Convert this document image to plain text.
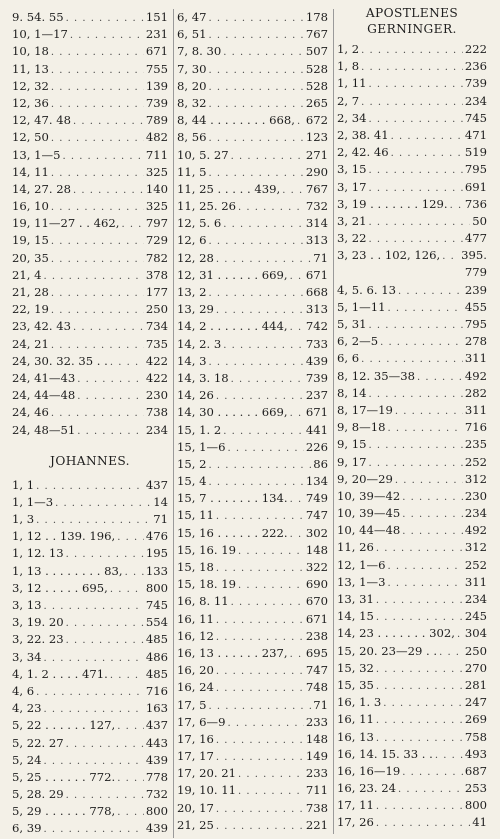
9. 54. 55 . . .	151
10, 1—17 . . .	231
10, 18 . . .	671
11, 13 . . .	755
12, 32 . . .	139
12, 36 . . .	739
12, 47. 48 . . .	789
12, 50 . . .	482
13, 1—5 . . .	711
14, 11 . . .	325
14, 27. 28 . . .	140
16, 10 . . .	325
19, 11—27 . . 462, . . . 797
19, 15 . . .	729
20, 35 . . .	782
21, 4 . . .	378
21, 28 . . .	177
22, 19 . . .	250
23, 42. 43 . . .	734
24, 21 . . .	735
24, 30. 32. 35 . . . . .	422
24, 41—43 . . .	422
24, 44—48 . . .	230
24, 46 . . .	738
24, 48—51 . . .	234
JOHANNES.
1, 1 . . .	437
1, 1—3 . . .	14
1, 3 . . .	71
1, 12 . . 139. 196, . . .	476
1, 12. 13 . . .	195
1, 13 . . . . . . . . 83, . . . 133
3, 12 . . . . . 695, . . .	800
3, 13 . . .	745
3, 19. 20 . . .	554
3, 22. 23 . . .	485
3, 34 . . .	486
4, 1. 2 . . . . 471. . . .	485
4, 6 . . .	716
4, 23 . . .	163
5, 22 . . . . . . 127, . . .	437
5, 22. 27 . . .	443
5, 24 . . .	439
5, 25 . . . . . . 772. . . .	778
5, 28. 29 . . .	732
5, 29 . . . . . . 778, . . .	800
6, 39 . . .	439
6, 47 . . .	178
6, 51 . . .	767
7, 8. 30 . . .	507
7, 30 . . .	528
8, 20 . . .	528
8, 32 . . .	265
8, 44 . . . . . . . . 668, . . . 672
8, 56 . . .	123
10, 5. 27 . . .	271
11, 5 . . .	290
11, 25 . . . . . 439, . . . 767
11, 25. 26 . . .	732
12, 5. 6 . . .	314
12, 6 . . .	313
12, 28 . . .	71
12, 31 . . . . . . 669, . . . 671
13, 2 . . .	668
13, 29 . . .	313
14, 2 . . . . . . . 444, . . . 742
14, 2. 3 . . .	733
14, 3 . . .	439
14, 3. 18 . . .	739
14, 26 . . .	237
14, 30 . . . . . . 669, . . . 671
15, 1. 2 . . .	441
15, 1—6 . . .	226
15, 2 . . .	86
15, 4 . . .	134
15, 7 . . . . . . . 134. . . . 749
15, 11 . . .	747
15, 16 . . . . . . 222. . . . 302
15, 16. 19 . . .	148
15, 18 . . .	322
15, 18. 19 . . .	690
16, 8. 11 . . .	670
16, 11 . . .	671
16, 12 . . .	238
16, 13 . . . . . . 237, . . . 695
16, 20 . . .	747
16, 24 . . .	748
17, 5 . . .	71
17, 6—9 . . .	233
17, 16 . . .	148
17, 17 . . .	149
17, 20. 21 . . .	233
19, 10. 11 . . .	711
20, 17 . . .	738
21, 25 . . .	221
APOSTLENES
GERNINGER.
1, 2 . . .	222
1, 8 . . .	236
1, 11 . . .	739
2, 7 . . .	234
2, 34 . . .	745
2, 38. 41 . . .	471
2, 42. 46 . . .	519
3, 15 . . .	795
3, 17 . . .	691
3, 19 . . . . . . . 129. . . . 736
3, 21 . . .	50
3, 22 . . .	477
3, 23 . . 102, 126, . . . 395.
779
4, 5. 6. 13 . . .	239
5, 1—11 . . .	455
5, 31 . . .	795
6, 2—5 . . .	278
6, 6 . . .	311
8, 12. 35—38 . . .	492
8, 14 . . .	282
8, 17—19 . . .	311
9, 8—18 . . .	716
9, 15 . . .	235
9, 17 . . .	252
9, 20—29 . . .	312
10, 39—42 . . .	230
10, 39—45 . . .	234
10, 44—48 . . .	492
11, 26 . . .	312
12, 1—6 . . .	252
13, 1—3 . . .	311
13, 31 . . .	234
14, 15 . . .	245
14, 23 . . . . . . . 302, . . . 304
15, 20. 23—29 . . . . . 250
15, 32 . . .	270
15, 35 . . .	281
16, 1. 3 . . .	247
16, 11 . . .	269
16, 13 . . .	758
16, 14. 15. 33 . . . . .	493
16, 16—19 . . .	687
16, 23. 24 . . .	253
17, 11 . . .	800
17, 26 . . .	41
